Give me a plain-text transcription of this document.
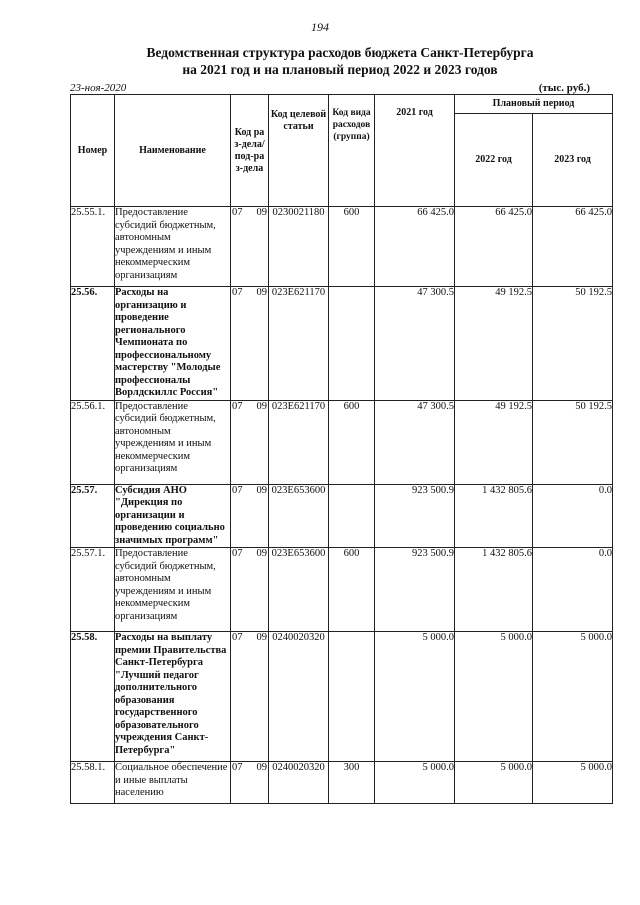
194
Ведомственная структура расходов бюджета Санкт-Петербурга
на 2021 год и на плановый период 2022 и 2023 годов
23-ноя-2020	(тыс. руб.)
Номер	Наименование	Код раз-дела/ под-раз-дела	Код целевой статьи	Код вида расходов (группа)	2021 год	Плановый период	
						2022 год	2023 год
25.55.1.	Предоставление субсидий бюджетным, автономным учреждениям и иным некоммерческим организациям	07 09	0230021180	600	66 425.0	66 425.0	66 425.0
25.56.	Расходы на организацию и проведение регионального Чемпионата по профессиональному мастерству "Молодые профессионалы Ворлдскиллс Россия"	07 09	023Е621170		47 300.5	49 192.5	50 192.5
25.56.1.	Предоставление субсидий бюджетным, автономным учреждениям и иным некоммерческим организациям	07 09	023Е621170	600	47 300.5	49 192.5	50 192.5
25.57.	Субсидия АНО "Дирекция по организации и проведению социально значимых программ"	07 09	023Е653600		923 500.9	1 432 805.6	0.0
25.57.1.	Предоставление субсидий бюджетным, автономным учреждениям и иным некоммерческим организациям	07 09	023Е653600	600	923 500.9	1 432 805.6	0.0
25.58.	Расходы на выплату премии Правительства Санкт-Петербурга "Лучший педагог дополнительного образования государственного образовательного учреждения Санкт-Петербурга"	07 09	0240020320		5 000.0	5 000.0	5 000.0
25.58.1.	Социальное обеспечение и иные выплаты населению	07 09	0240020320	300	5 000.0	5 000.0	5 000.0
